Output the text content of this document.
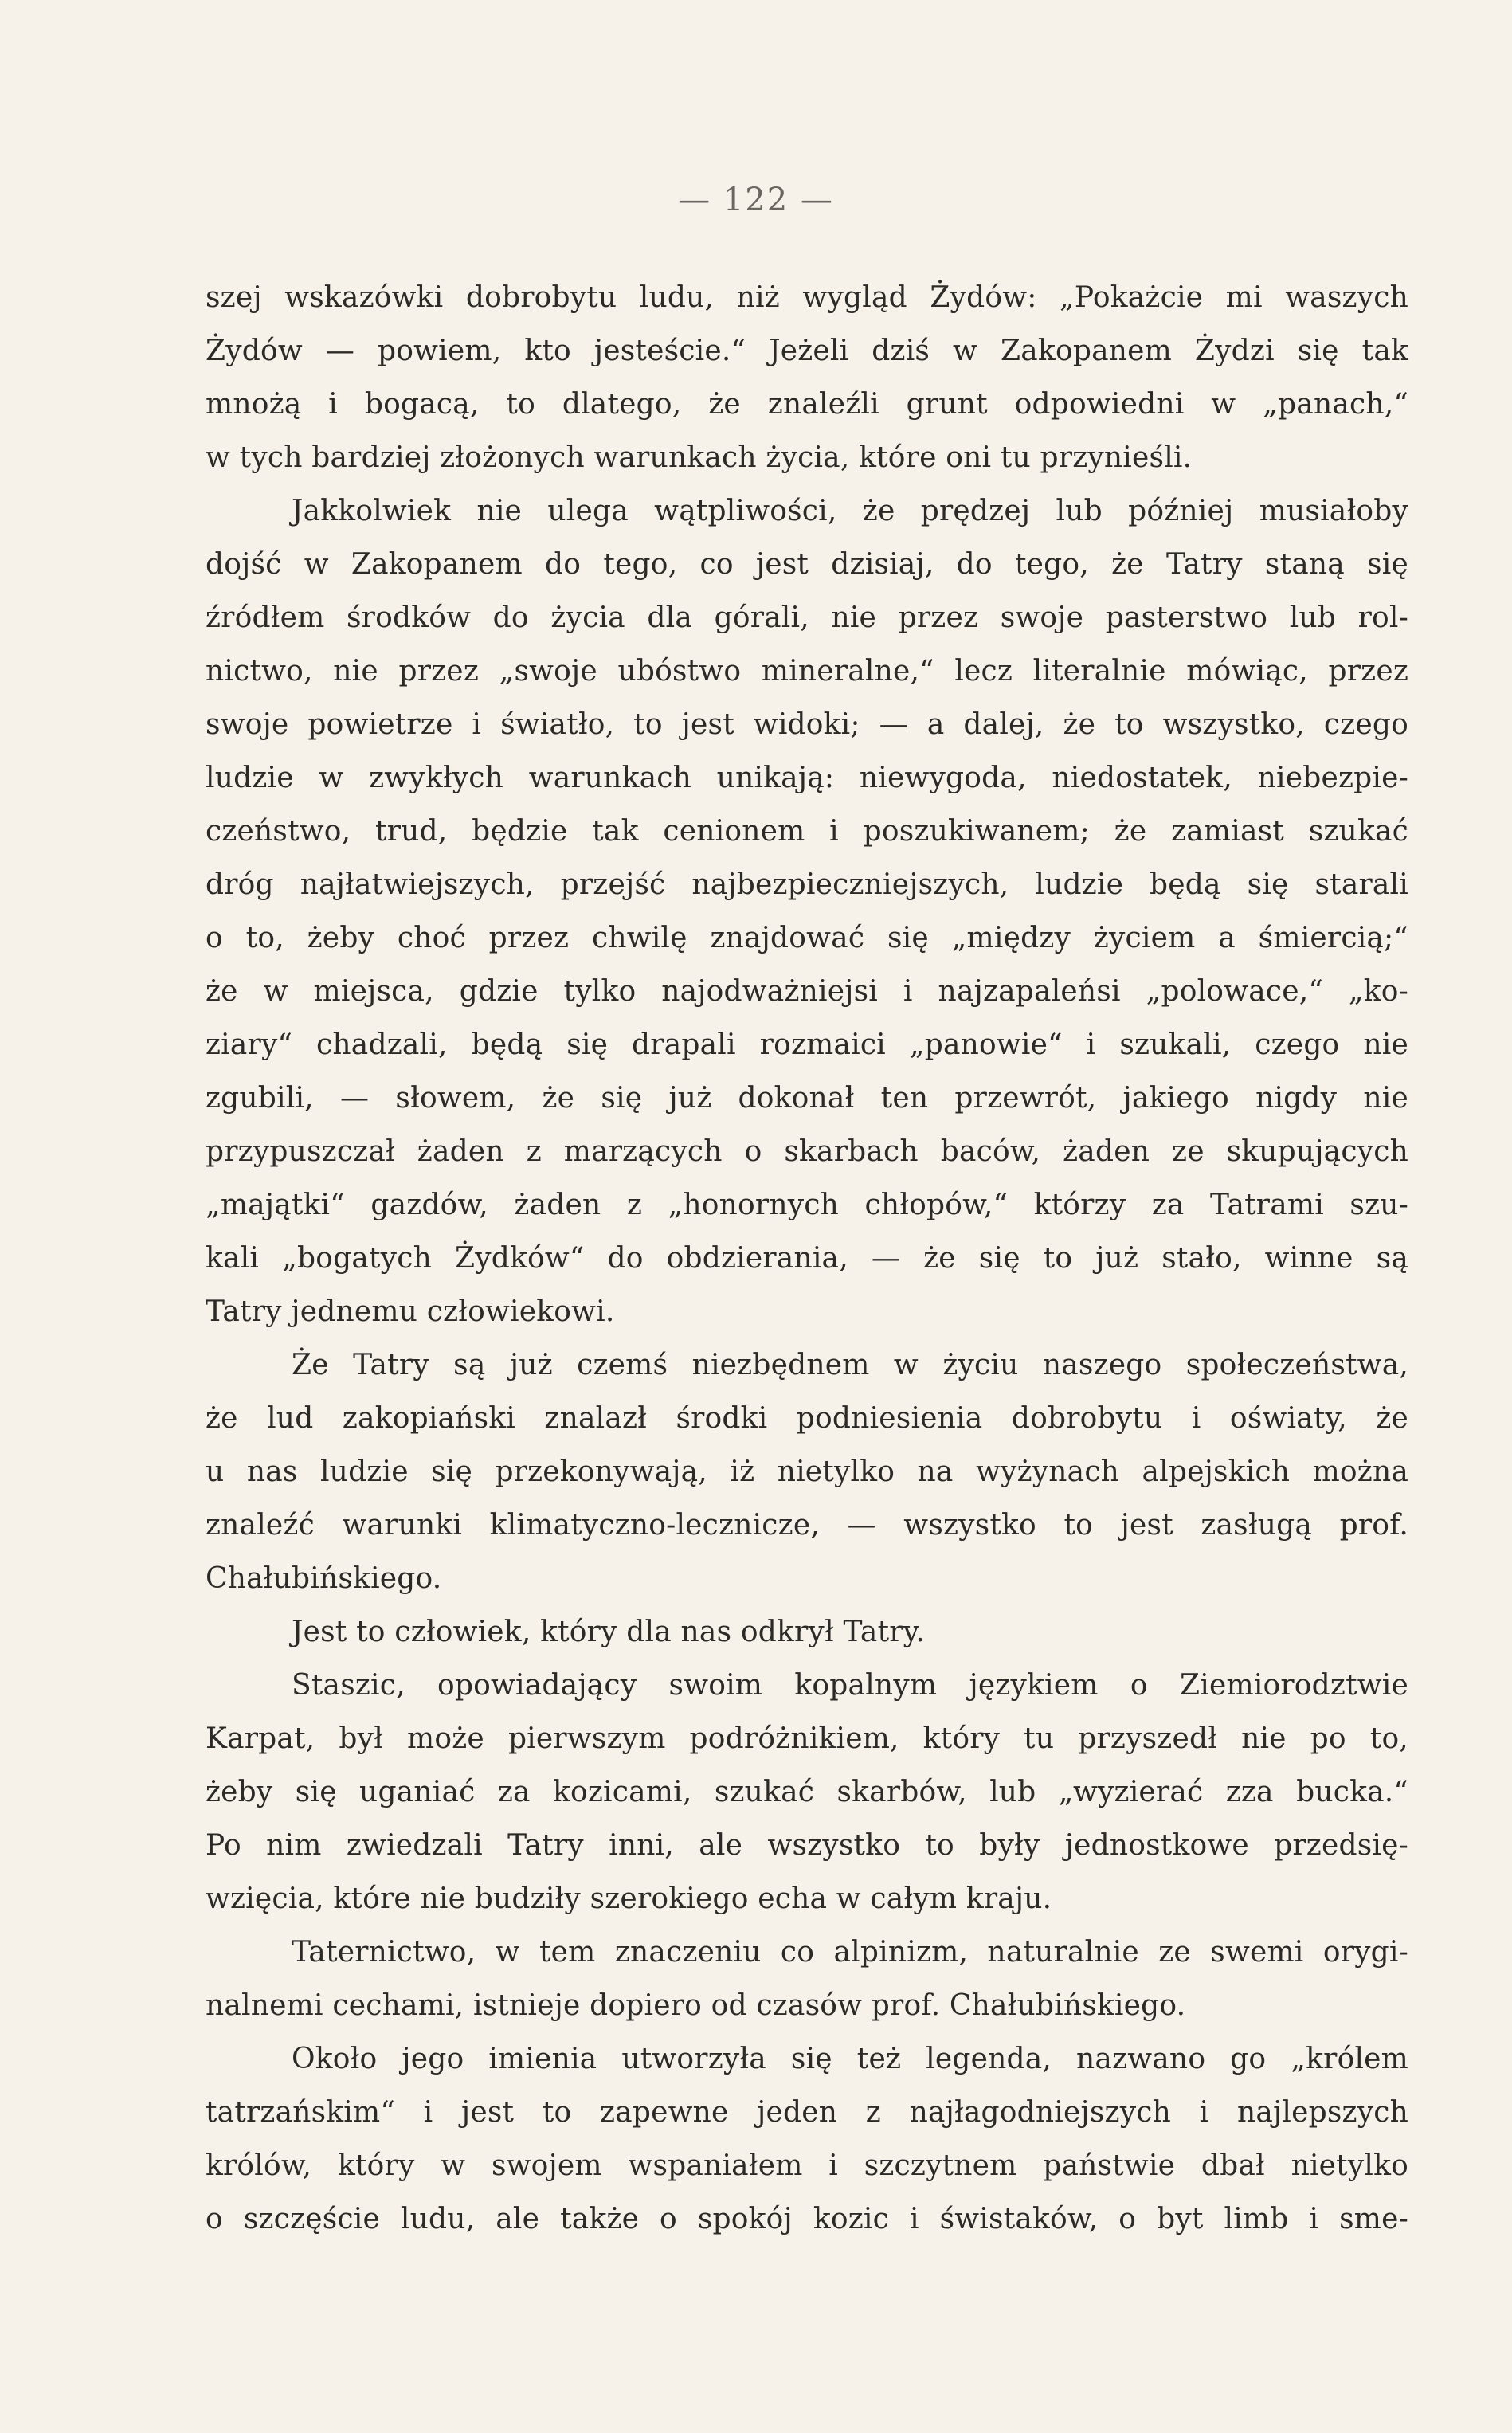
— 122 —
szej wskazówki dobrobytu ludu, niż wygląd Żydów: „Pokażcie mi waszych
Żydów — powiem, kto jesteście.“ Jeżeli dziś w Zakopanem Żydzi się tak
mnożą i bogacą, to dlatego, że znaleźli grunt odpowiedni w „panach,“
w tych bardziej złożonych warunkach życia, które oni tu przynieśli.
Jakkolwiek nie ulega wątpliwości, że prędzej lub później musiałoby
dojść w Zakopanem do tego, co jest dzisiaj, do tego, że Tatry staną się
źródłem środków do życia dla górali, nie przez swoje pasterstwo lub rol-
nictwo, nie przez „swoje ubóstwo mineralne,“ lecz literalnie mówiąc, przez
swoje powietrze i światło, to jest widoki; — a dalej, że to wszystko, czego
ludzie w zwykłych warunkach unikają: niewygoda, niedostatek, niebezpie-
czeństwo, trud, będzie tak cenionem i poszukiwanem; że zamiast szukać
dróg najłatwiejszych, przejść najbezpieczniejszych, ludzie będą się starali
o to, żeby choć przez chwilę znajdować się „między życiem a śmiercią;“
że w miejsca, gdzie tylko najodważniejsi i najzapaleńsi „polowace,“ „ko-
ziary“ chadzali, będą się drapali rozmaici „panowie“ i szukali, czego nie
zgubili, — słowem, że się już dokonał ten przewrót, jakiego nigdy nie
przypuszczał żaden z marzących o skarbach baców, żaden ze skupujących
„majątki“ gazdów, żaden z „honornych chłopów,“ którzy za Tatrami szu-
kali „bogatych Żydków“ do obdzierania, — że się to już stało, winne są
Tatry jednemu człowiekowi.
Że Tatry są już czemś niezbędnem w życiu naszego społeczeństwa,
że lud zakopiański znalazł środki podniesienia dobrobytu i oświaty, że
u nas ludzie się przekonywają, iż nietylko na wyżynach alpejskich można
znaleźć warunki klimatyczno-lecznicze, — wszystko to jest zasługą prof.
Chałubińskiego.
Jest to człowiek, który dla nas odkrył Tatry.
Staszic, opowiadający swoim kopalnym językiem o Ziemiorodztwie
Karpat, był może pierwszym podróżnikiem, który tu przyszedł nie po to,
żeby się uganiać za kozicami, szukać skarbów, lub „wyzierać zza bucka.“
Po nim zwiedzali Tatry inni, ale wszystko to były jednostkowe przedsię-
wzięcia, które nie budziły szerokiego echa w całym kraju.
Taternictwo, w tem znaczeniu co alpinizm, naturalnie ze swemi orygi-
nalnemi cechami, istnieje dopiero od czasów prof. Chałubińskiego.
Około jego imienia utworzyła się też legenda, nazwano go „królem
tatrzańskim“ i jest to zapewne jeden z najłagodniejszych i najlepszych
królów, który w swojem wspaniałem i szczytnem państwie dbał nietylko
o szczęście ludu, ale także o spokój kozic i świstaków, o byt limb i sme-
